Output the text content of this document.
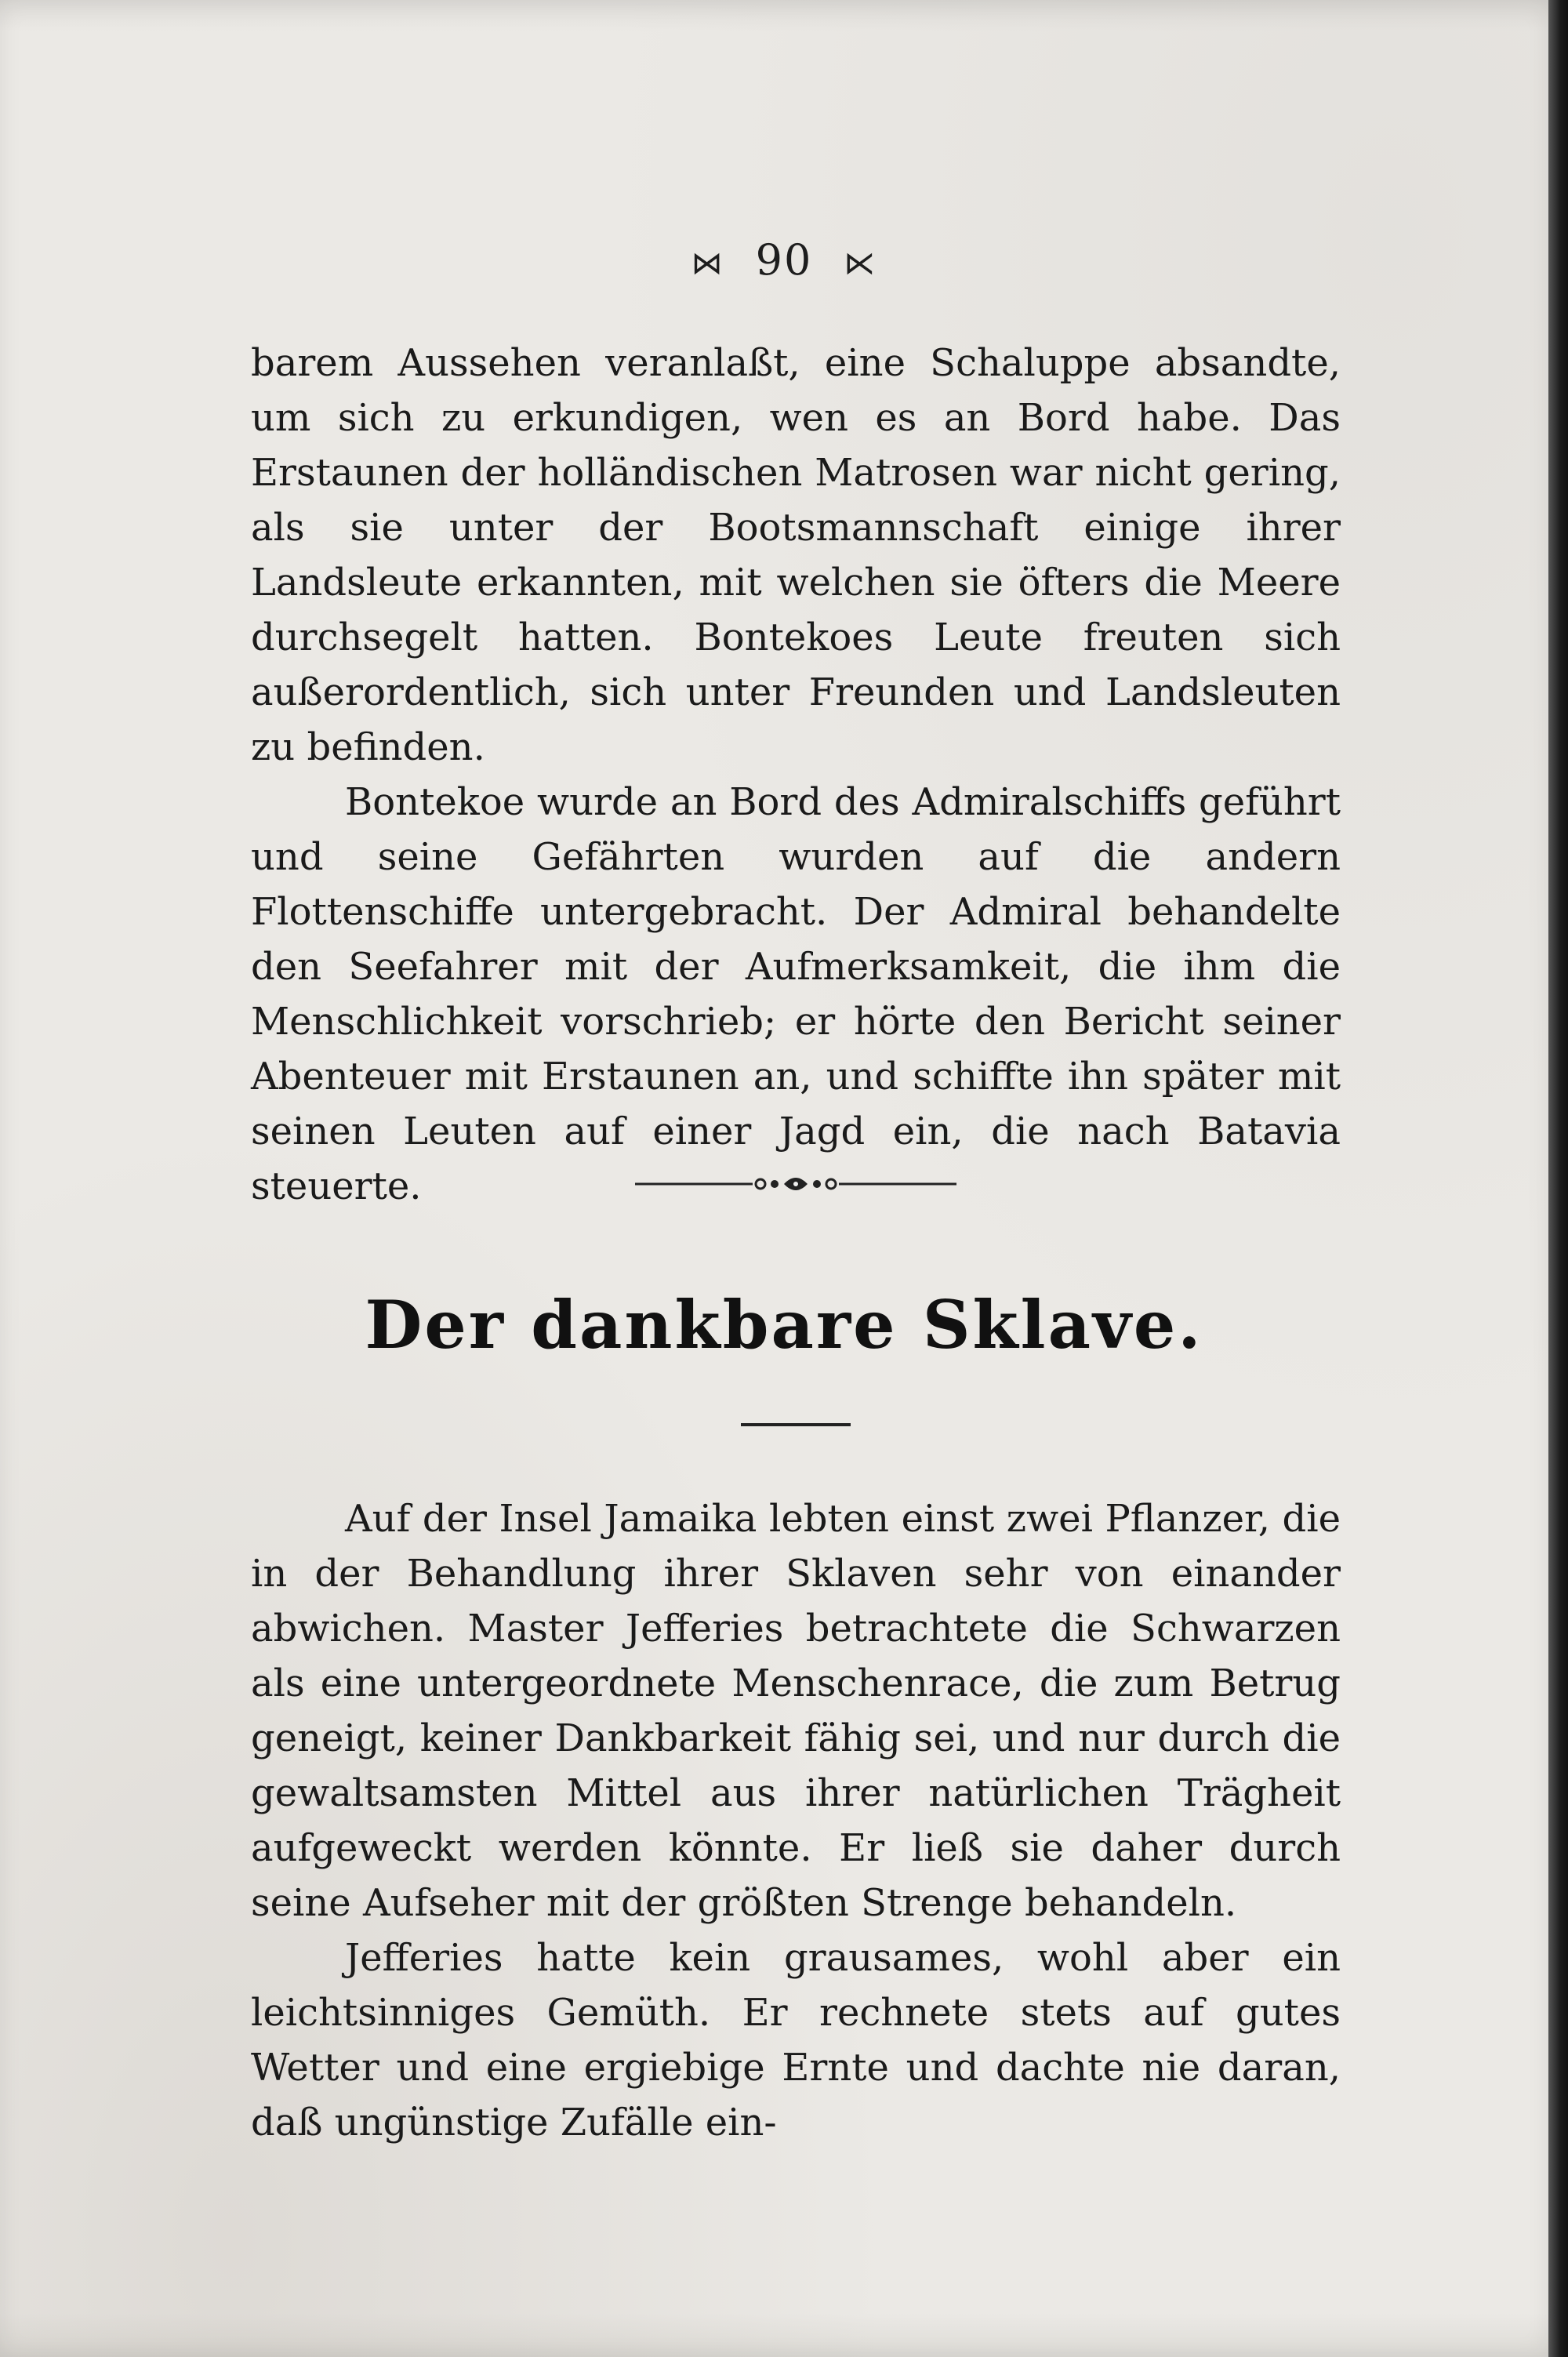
⋈ 90 ⋉

barem Aussehen veranlaßt, eine Schaluppe absandte, um sich zu erkundigen, wen es an Bord habe. Das Erstaunen der holländischen Matrosen war nicht gering, als sie unter der Bootsmannschaft einige ihrer Landsleute erkannten, mit welchen sie öfters die Meere durchsegelt hatten. Bontekoes Leute freuten sich außerordentlich, sich unter Freunden und Landsleuten zu befinden.

Bontekoe wurde an Bord des Admiralschiffs geführt und seine Gefährten wurden auf die andern Flottenschiffe untergebracht. Der Admiral behandelte den Seefahrer mit der Aufmerksamkeit, die ihm die Menschlichkeit vorschrieb; er hörte den Bericht seiner Abenteuer mit Erstaunen an, und schiffte ihn später mit seinen Leuten auf einer Jagd ein, die nach Batavia steuerte.

Der dankbare Sklave.

Auf der Insel Jamaika lebten einst zwei Pflanzer, die in der Behandlung ihrer Sklaven sehr von einander abwichen. Master Jefferies betrachtete die Schwarzen als eine untergeordnete Menschenrace, die zum Betrug geneigt, keiner Dankbarkeit fähig sei, und nur durch die gewaltsamsten Mittel aus ihrer natürlichen Trägheit aufgeweckt werden könnte. Er ließ sie daher durch seine Aufseher mit der größten Strenge behandeln.

Jefferies hatte kein grausames, wohl aber ein leichtsinniges Gemüth. Er rechnete stets auf gutes Wetter und eine ergiebige Ernte und dachte nie daran, daß ungünstige Zufälle ein-
